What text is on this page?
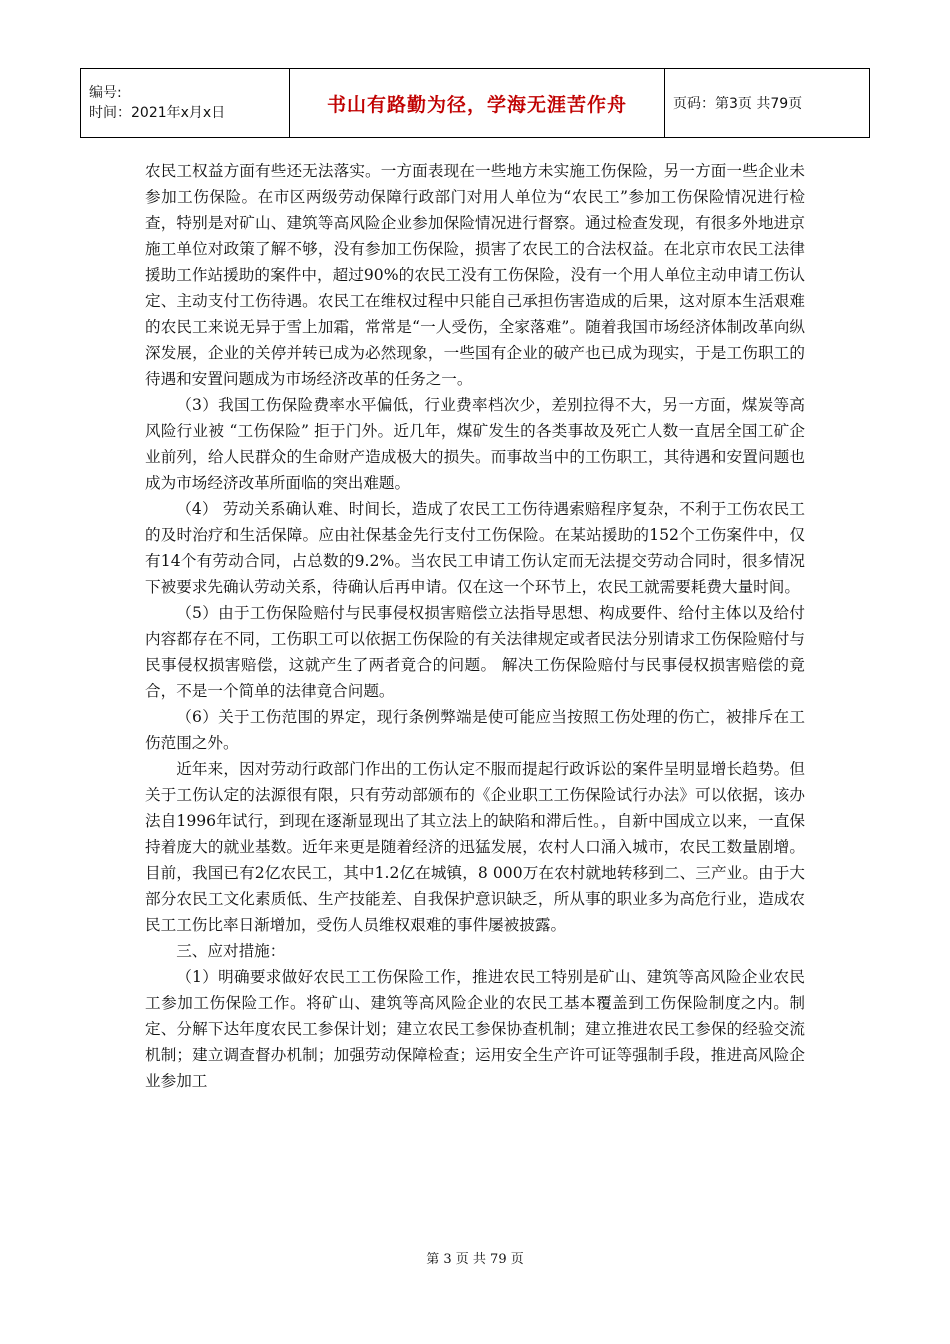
编号:
时间：2021年x月x日	书山有路勤为径，学海无涯苦作舟	页码：第3页 共79页

农民工权益方面有些还无法落实。一方面表现在一些地方未实施工伤保险，另一方面一些企业未参加工伤保险。在市区两级劳动保障行政部门对用人单位为“农民工”参加工伤保险情况进行检查，特别是对矿山、建筑等高风险企业参加保险情况进行督察。通过检查发现，有很多外地进京施工单位对政策了解不够，没有参加工伤保险，损害了农民工的合法权益。在北京市农民工法律援助工作站援助的案件中，超过90%的农民工没有工伤保险，没有一个用人单位主动申请工伤认定、主动支付工伤待遇。农民工在维权过程中只能自己承担伤害造成的后果，这对原本生活艰难的农民工来说无异于雪上加霜，常常是“一人受伤，全家落难”。随着我国市场经济体制改革向纵深发展，企业的关停并转已成为必然现象，一些国有企业的破产也已成为现实，于是工伤职工的待遇和安置问题成为市场经济改革的任务之一。

（3）我国工伤保险费率水平偏低，行业费率档次少，差别拉得不大，另一方面，煤炭等高风险行业被 “工伤保险” 拒于门外。近几年，煤矿发生的各类事故及死亡人数一直居全国工矿企业前列，给人民群众的生命财产造成极大的损失。而事故当中的工伤职工，其待遇和安置问题也成为市场经济改革所面临的突出难题。

（4） 劳动关系确认难、时间长，造成了农民工工伤待遇索赔程序复杂，不利于工伤农民工的及时治疗和生活保障。应由社保基金先行支付工伤保险。在某站援助的152个工伤案件中，仅有14个有劳动合同，占总数的9.2%。当农民工申请工伤认定而无法提交劳动合同时，很多情况下被要求先确认劳动关系，待确认后再申请。仅在这一个环节上，农民工就需要耗费大量时间。

（5）由于工伤保险赔付与民事侵权损害赔偿立法指导思想、构成要件、给付主体以及给付内容都存在不同，工伤职工可以依据工伤保险的有关法律规定或者民法分别请求工伤保险赔付与民事侵权损害赔偿，这就产生了两者竟合的问题。 解决工伤保险赔付与民事侵权损害赔偿的竟合，不是一个简单的法律竟合问题。

（6）关于工伤范围的界定，现行条例弊端是使可能应当按照工伤处理的伤亡，被排斥在工伤范围之外。

近年来，因对劳动行政部门作出的工伤认定不服而提起行政诉讼的案件呈明显增长趋势。但关于工伤认定的法源很有限，只有劳动部颁布的《企业职工工伤保险试行办法》可以依据，该办法自1996年试行，到现在逐渐显现出了其立法上的缺陷和滞后性。，自新中国成立以来，一直保持着庞大的就业基数。近年来更是随着经济的迅猛发展，农村人口涌入城市，农民工数量剧增。目前，我国已有2亿农民工，其中1.2亿在城镇，8 000万在农村就地转移到二、三产业。由于大部分农民工文化素质低、生产技能差、自我保护意识缺乏，所从事的职业多为高危行业，造成农民工工伤比率日渐增加，受伤人员维权艰难的事件屡被披露。

三、应对措施：

（1）明确要求做好农民工工伤保险工作，推进农民工特别是矿山、建筑等高风险企业农民工参加工伤保险工作。将矿山、建筑等高风险企业的农民工基本覆盖到工伤保险制度之内。制定、分解下达年度农民工参保计划；建立农民工参保协查机制；建立推进农民工参保的经验交流机制；建立调查督办机制；加强劳动保障检查；运用安全生产许可证等强制手段，推进高风险企业参加工

第 3 页 共 79 页
